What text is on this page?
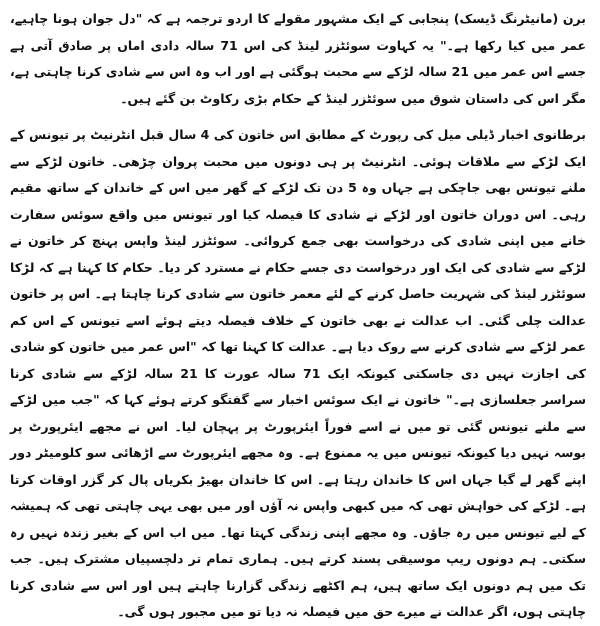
برن (مانیٹرنگ ڈیسک) پنجابی کے ایک مشہور مقولے کا اردو ترجمہ ہے کہ "دل جوان ہونا چاہیے، عمر میں کیا رکھا ہے۔" یہ کہاوت سوئٹزر لینڈ کی اس 71 سالہ دادی اماں پر صادق آتی ہے جسے اس عمر میں 21 سالہ لڑکے سے محبت ہوگئی ہے اور اب وہ اس سے شادی کرنا چاہتی ہے، مگر اس کی داستان شوق میں سوئٹزر لینڈ کے حکام بڑی رکاوٹ بن گئے ہیں۔

برطانوی اخبار ڈیلی میل کی رپورٹ کے مطابق اس خاتون کی 4 سال قبل انٹرنیٹ پر تیونس کے ایک لڑکے سے ملاقات ہوئی۔ انٹرنیٹ پر ہی دونوں میں محبت پروان چڑھی۔ خاتون لڑکے سے ملنے تیونس بھی جاچکی ہے جہاں وہ 5 دن تک لڑکے کے گھر میں اس کے خاندان کے ساتھ مقیم رہی۔ اس دوران خاتون اور لڑکے نے شادی کا فیصلہ کیا اور تیونس میں واقع سوئس سفارت خانے میں اپنی شادی کی درخواست بھی جمع کروائی۔ سوئٹزر لینڈ واپس پہنچ کر خاتون نے لڑکے سے شادی کی ایک اور درخواست دی جسے حکام نے مسترد کر دیا۔ حکام کا کہنا ہے کہ لڑکا سوئٹزر لینڈ کی شہریت حاصل کرنے کے لئے معمر خاتون سے شادی کرنا چاہتا ہے۔ اس پر خاتون عدالت چلی گئی۔ اب عدالت نے بھی خاتون کے خلاف فیصلہ دیتے ہوئے اسے تیونس کے اس کم عمر لڑکے سے شادی کرنے سے روک دیا ہے۔ عدالت کا کہنا تھا کہ "اس عمر میں خاتون کو شادی کی اجازت نہیں دی جاسکتی کیونکہ ایک 71 سالہ عورت کا 21 سالہ لڑکے سے شادی کرنا سراسر جعلسازی ہے۔" خاتون نے ایک سوئس اخبار سے گفتگو کرتے ہوئے کہا کہ "جب میں لڑکے سے ملنے تیونس گئی تو میں نے اسے فوراً ایئرپورٹ پر پہچان لیا۔ اس نے مجھے ایئرپورٹ پر بوسہ نہیں دیا کیونکہ تیونس میں یہ ممنوع ہے۔ وہ مجھے ایئرپورٹ سے اڑھائی سو کلومیٹر دور اپنے گھر لے گیا جہاں اس کا خاندان رہتا ہے۔ اس کا خاندان بھیڑ بکریاں پال کر گزر اوقات کرتا ہے۔ لڑکے کی خواہش تھی کہ میں کبھی واپس نہ آؤں اور میں بھی یہی چاہتی تھی کہ ہمیشہ کے لیے تیونس میں رہ جاؤں۔ وہ مجھے اپنی زندگی کہتا تھا۔ میں اب اس کے بغیر زندہ نہیں رہ سکتی۔ ہم دونوں ریپ موسیقی پسند کرتے ہیں۔ ہماری تمام تر دلچسپیاں مشترک ہیں۔ جب تک میں ہم دونوں ایک ساتھ ہیں، ہم اکٹھے زندگی گزارنا چاہتے ہیں اور اس سے شادی کرنا چاہتی ہوں، اگر عدالت نے میرے حق میں فیصلہ نہ دیا تو میں مجبور ہوں گی۔
